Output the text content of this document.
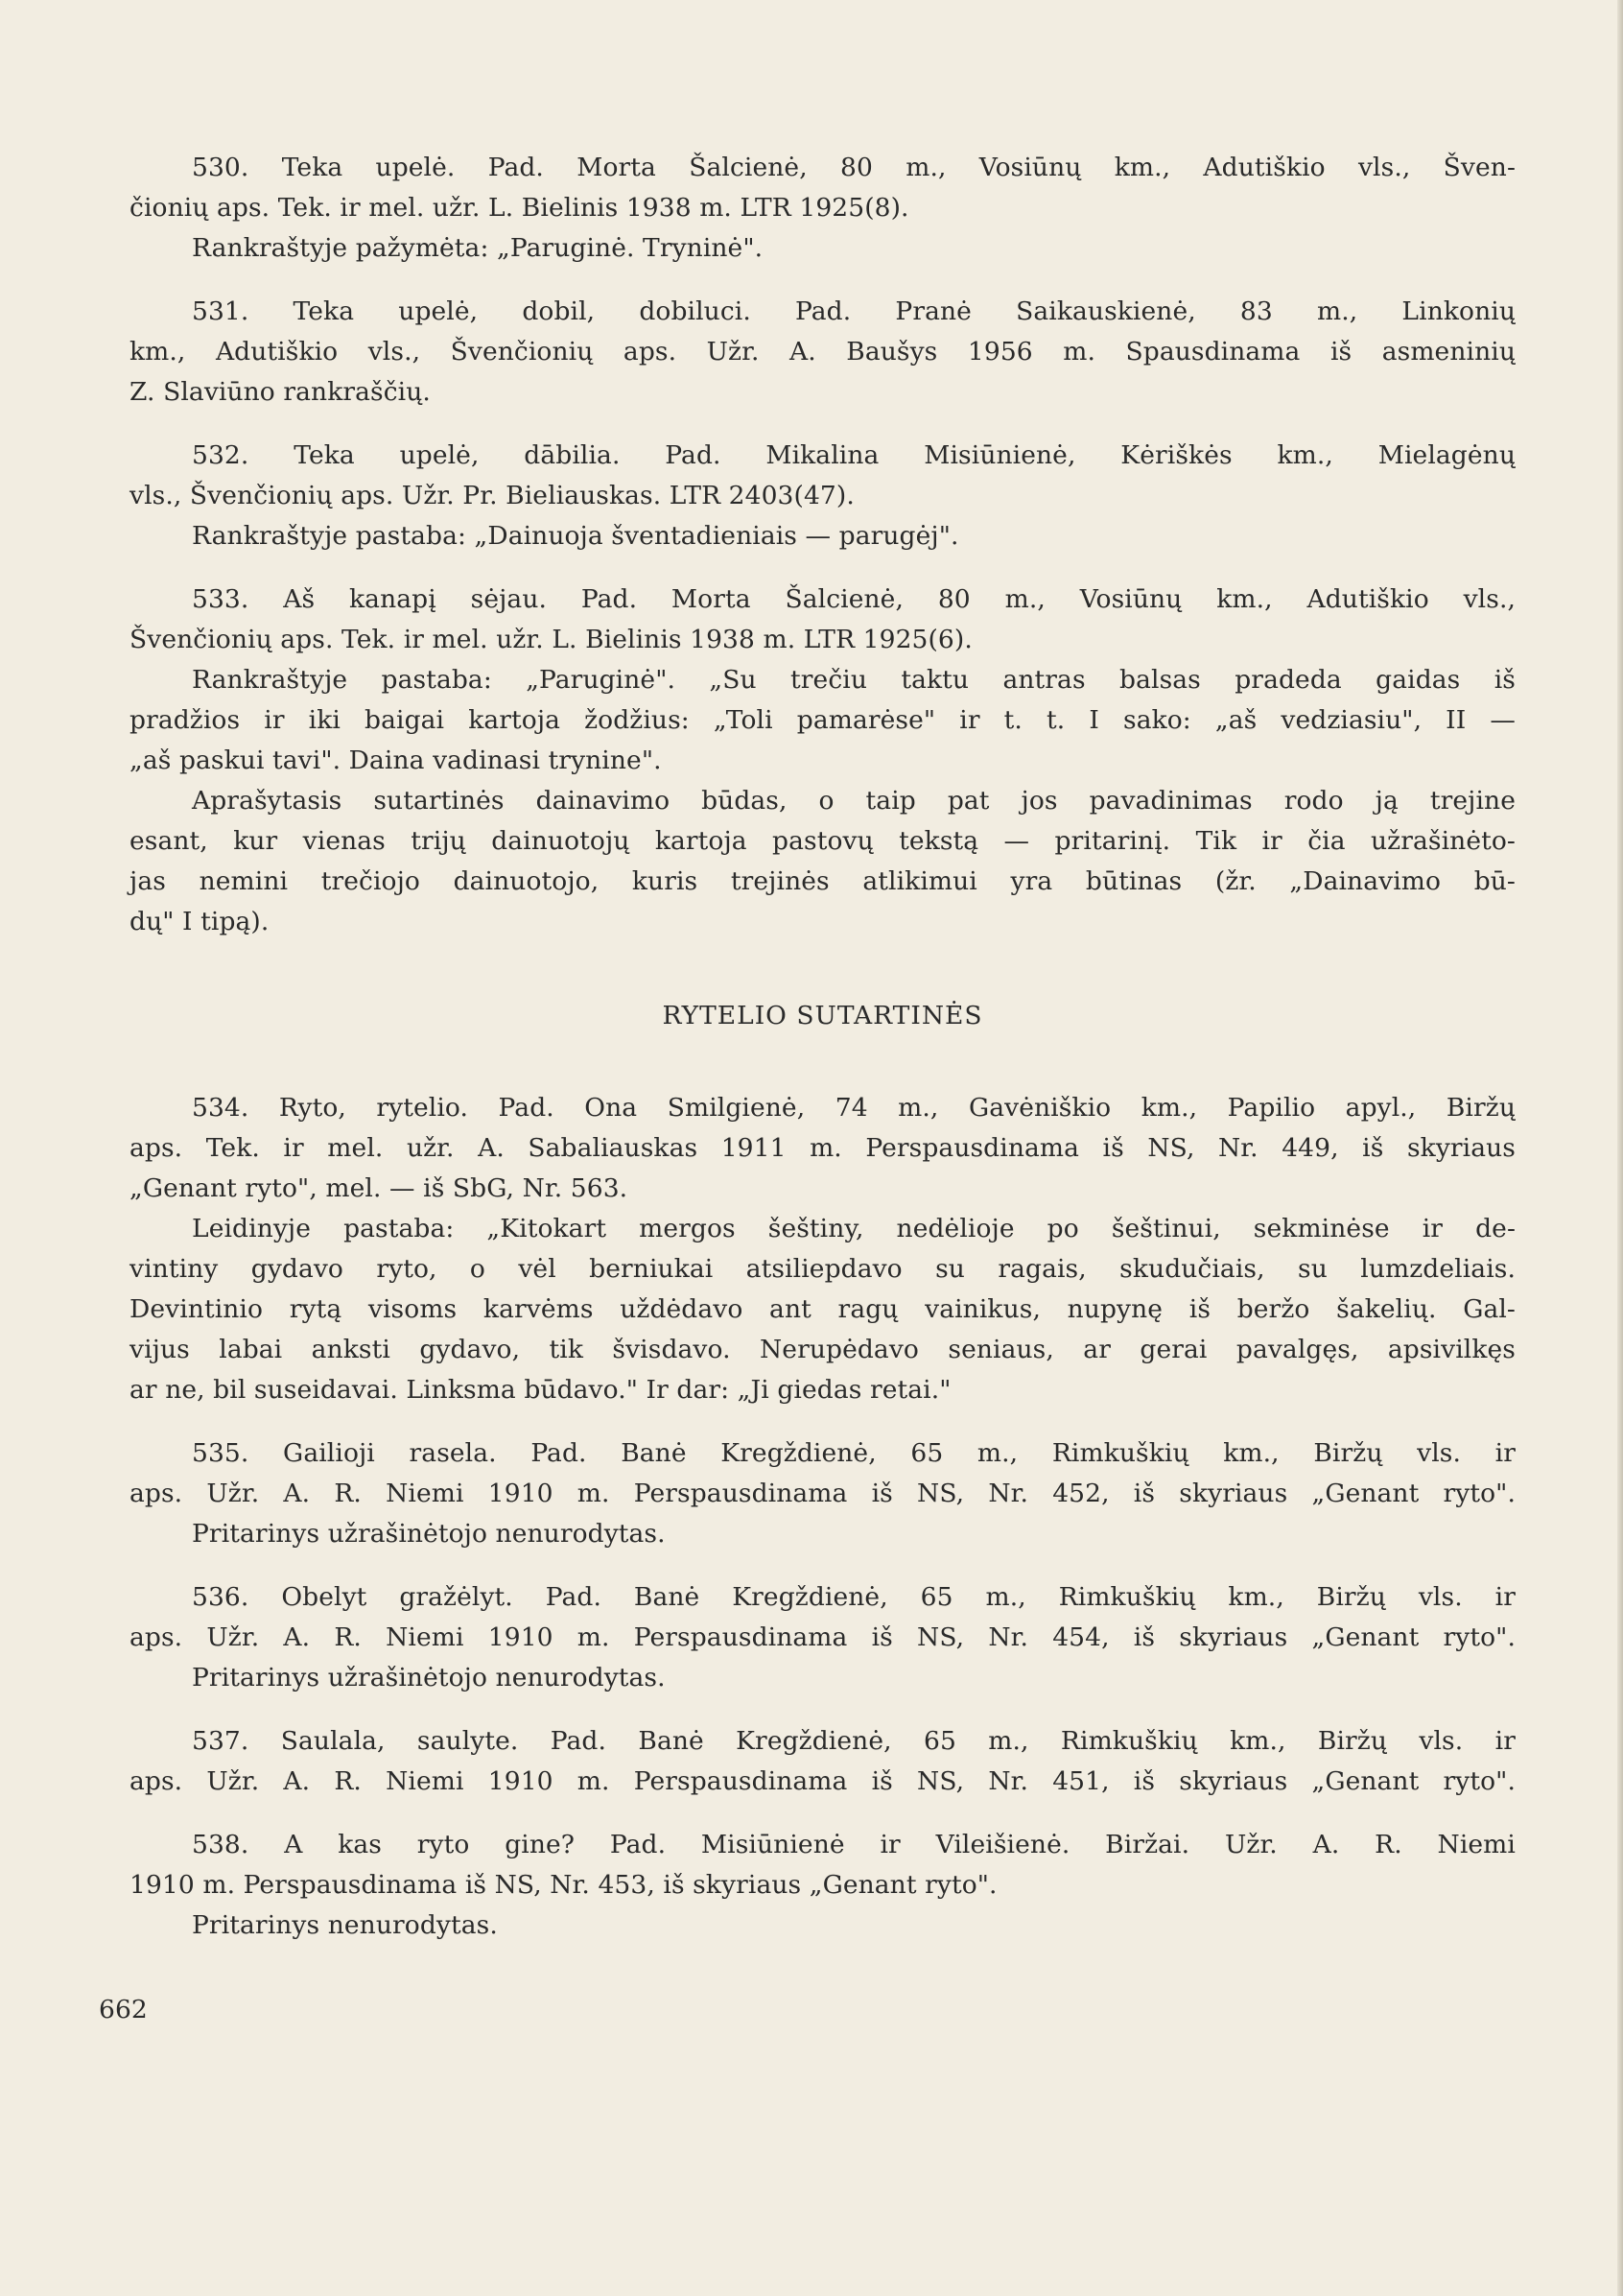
530. Teka upelė. Pad. Morta Šalcienė, 80 m., Vosiūnų km., Adutiškio vls., Šven-
čionių aps. Tek. ir mel. užr. L. Bielinis 1938 m. LTR 1925(8).
Rankraštyje pažymėta: „Paruginė. Tryninė".
531. Teka upelė, dobil, dobiluci. Pad. Pranė Saikauskienė, 83 m., Linkonių
km., Adutiškio vls., Švenčionių aps. Užr. A. Baušys 1956 m. Spausdinama iš asmeninių
Z. Slaviūno rankraščių.
532. Teka upelė, dābilia. Pad. Mikalina Misiūnienė, Kėriškės km., Mielagėnų
vls., Švenčionių aps. Užr. Pr. Bieliauskas. LTR 2403(47).
Rankraštyje pastaba: „Dainuoja šventadieniais — parugėj".
533. Aš kanapį sėjau. Pad. Morta Šalcienė, 80 m., Vosiūnų km., Adutiškio vls.,
Švenčionių aps. Tek. ir mel. užr. L. Bielinis 1938 m. LTR 1925(6).
Rankraštyje pastaba: „Paruginė". „Su trečiu taktu antras balsas pradeda gaidas iš
pradžios ir iki baigai kartoja žodžius: „Toli pamarėse" ir t. t. I sako: „aš vedziasiu", II —
„aš paskui tavi". Daina vadinasi trynine".
Aprašytasis sutartinės dainavimo būdas, o taip pat jos pavadinimas rodo ją trejine
esant, kur vienas trijų dainuotojų kartoja pastovų tekstą — pritarinį. Tik ir čia užrašinėto-
jas nemini trečiojo dainuotojo, kuris trejinės atlikimui yra būtinas (žr. „Dainavimo bū-
dų" I tipą).
534. Ryto, rytelio. Pad. Ona Smilgienė, 74 m., Gavėniškio km., Papilio apyl., Biržų
aps. Tek. ir mel. užr. A. Sabaliauskas 1911 m. Perspausdinama iš NS, Nr. 449, iš skyriaus
„Genant ryto", mel. — iš SbG, Nr. 563.
Leidinyje pastaba: „Kitokart mergos šeštiny, nedėlioje po šeštinui, sekminėse ir de-
vintiny gydavo ryto, o vėl berniukai atsiliepdavo su ragais, skudučiais, su lumzdeliais.
Devintinio rytą visoms karvėms uždėdavo ant ragų vainikus, nupynę iš beržo šakelių. Gal-
vijus labai anksti gydavo, tik švisdavo. Nerupėdavo seniaus, ar gerai pavalgęs, apsivilkęs
ar ne, bil suseidavai. Linksma būdavo." Ir dar: „Ji giedas retai."
535. Gailioji rasela. Pad. Banė Kregždienė, 65 m., Rimkuškių km., Biržų vls. ir
aps. Užr. A. R. Niemi 1910 m. Perspausdinama iš NS, Nr. 452, iš skyriaus „Genant ryto".
Pritarinys užrašinėtojo nenurodytas.
536. Obelyt gražėlyt. Pad. Banė Kregždienė, 65 m., Rimkuškių km., Biržų vls. ir
aps. Užr. A. R. Niemi 1910 m. Perspausdinama iš NS, Nr. 454, iš skyriaus „Genant ryto".
Pritarinys užrašinėtojo nenurodytas.
537. Saulala, saulyte. Pad. Banė Kregždienė, 65 m., Rimkuškių km., Biržų vls. ir
aps. Užr. A. R. Niemi 1910 m. Perspausdinama iš NS, Nr. 451, iš skyriaus „Genant ryto".
538. A kas ryto gine? Pad. Misiūnienė ir Vileišienė. Biržai. Užr. A. R. Niemi
1910 m. Perspausdinama iš NS, Nr. 453, iš skyriaus „Genant ryto".
Pritarinys nenurodytas.
RYTELIO SUTARTINĖS
662
